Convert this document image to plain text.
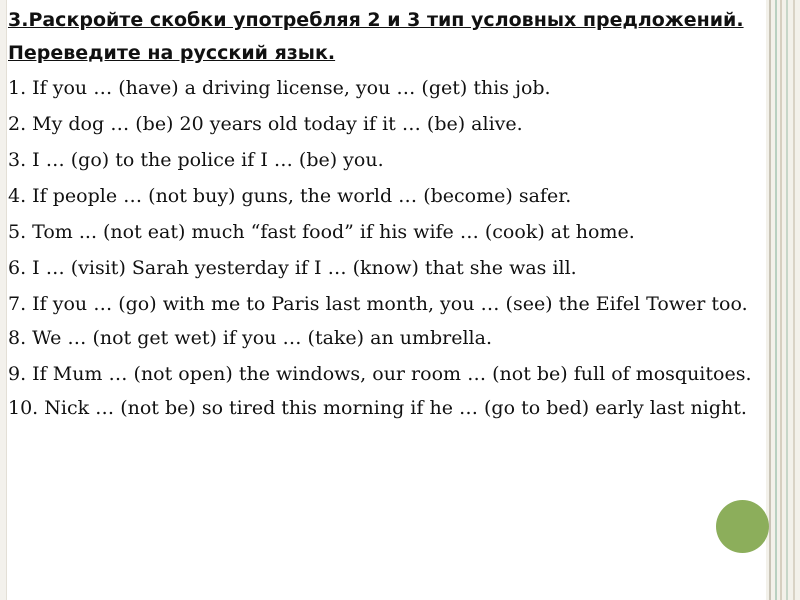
3.Раскройте скобки употребляя 2 и 3 тип условных предложений.
Переведите на русский язык.
1. If you … (have) a driving license, you … (get) this job.
2. My dog … (be) 20 years old today if it … (be) alive.
3. I … (go) to the police if I … (be) you.
4. If people … (not buy) guns, the world … (become) safer.
5. Tom ... (not eat) much “fast food” if his wife … (cook) at home.
6. I … (visit) Sarah yesterday if I … (know) that she was ill.
7. If you … (go) with me to Paris last month, you … (see) the Eifel Tower too.
8. We … (not get wet) if you … (take) an umbrella.
9. If Mum … (not open) the windows, our room … (not be) full of mosquitoes.
10. Nick … (not be) so tired this morning if he … (go to bed) early last night.
